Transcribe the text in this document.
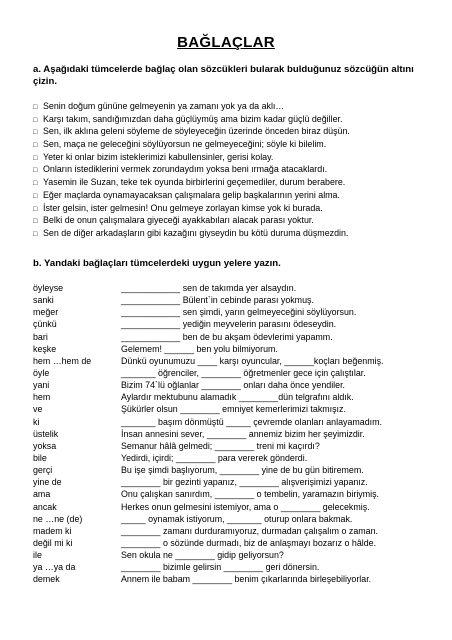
BAĞLAÇLAR
a. Aşağıdaki tümcelerde bağlaç olan sözcükleri bularak bulduğunuz sözcüğün altını çizin.
□ Senin doğum gününe gelmeyenin ya zamanı yok ya da aklı…
□ Karşı takım, sandığımızdan daha güçlüymüş ama bizim kadar güçlü değiller.
□ Sen, ilk aklına geleni söyleme de söyleyeceğin üzerinde önceden biraz düşün.
□ Sen, maça ne geleceğini söylüyorsun ne gelmeyeceğini; söyle ki bilelim.
□ Yeter ki onlar bizim isteklerimizi kabullensinler, gerisi kolay.
□ Onların istediklerini vermek zorundaydım yoksa beni ırmağa atacaklardı.
□ Yasemin ile Suzan, teke tek oyunda birbirlerini geçemediler, durum berabere.
□ Eğer maçlarda oynamayacaksan çalışmalara gelip başkalarının yerini alma.
□ İster gelsin, ister gelmesin! Onu gelmeye zorlayan kimse yok ki burada.
□ Belki de onun çalışmalara giyeceği ayakkabıları alacak parası yoktur.
□ Sen de diğer arkadaşların gibi kazağını giyseydin bu kötü duruma düşmezdin.
b. Yandaki bağlaçları tümcelerdeki uygun yelere yazın.
öyleyse	____________ sen de takımda yer alsaydın.
sanki	____________ Bülent`in cebinde parası yokmuş.
meğer	____________ sen şimdi, yarın gelmeyeceğini söylüyorsun.
çünkü	____________ yediğin meyvelerin parasını ödeseydin.
bari	____________ ben de bu akşam ödevlerimi yapamm.
keşke	Gelemem! ______ ben yolu bilmiyorum.
hem …hem de	Dünkü oyunumuzu ____ karşı oyuncular, ______koçları beğenmiş.
öyle	_______ öğrenciler, ________ öğretmenler gece için çalıştılar.
yani	Bizim 74`lü oğlanlar ________ onları daha önce yendiler.
hem	Aylardır mektubunu alamadık ________dün telgrafını aldık.
ve	Şükürler olsun ________ emniyet kemerlerimizi takmışız.
ki	_______ başım dönmüştü _____ çevremde olanları anlayamadım.
üstelik	İnsan annesini sever, ________ annemiz bizim her şeyimizdir.
yoksa	Semanur hâlâ gelmedi; ________ treni mi kaçırdı?
bile	Yedirdi, içirdi; ________ para vererek gönderdi.
gerçi	Bu işe şimdi başlıyorum, ________ yine de bu gün bitiremem.
yine de	________ bir gezinti yapanız, ________ alışverişimizi yapanız.
ama	Onu çalışkan sanırdım, ________ o tembelin, yaramazın biriymiş.
ancak	Herkes onun gelmesini istemiyor, ama o ________ gelecekmiş.
ne …ne (de)	_____ oynamak istiyorum, _______ oturup onlara bakmak.
madem ki	________ zamanı durduramıyoruz, durmadan çalışalım o zaman.
değil mi ki	________ o sözünde durmadı, biz de anlaşmayı bozarız o hâlde.
ile	Sen okula ne ________ gidip geliyorsun?
ya …ya da	________ bizimle gelirsin ________ geri dönersin.
demek	Annem ile babam ________ benim çıkarlarında birleşebiliyorlar.
